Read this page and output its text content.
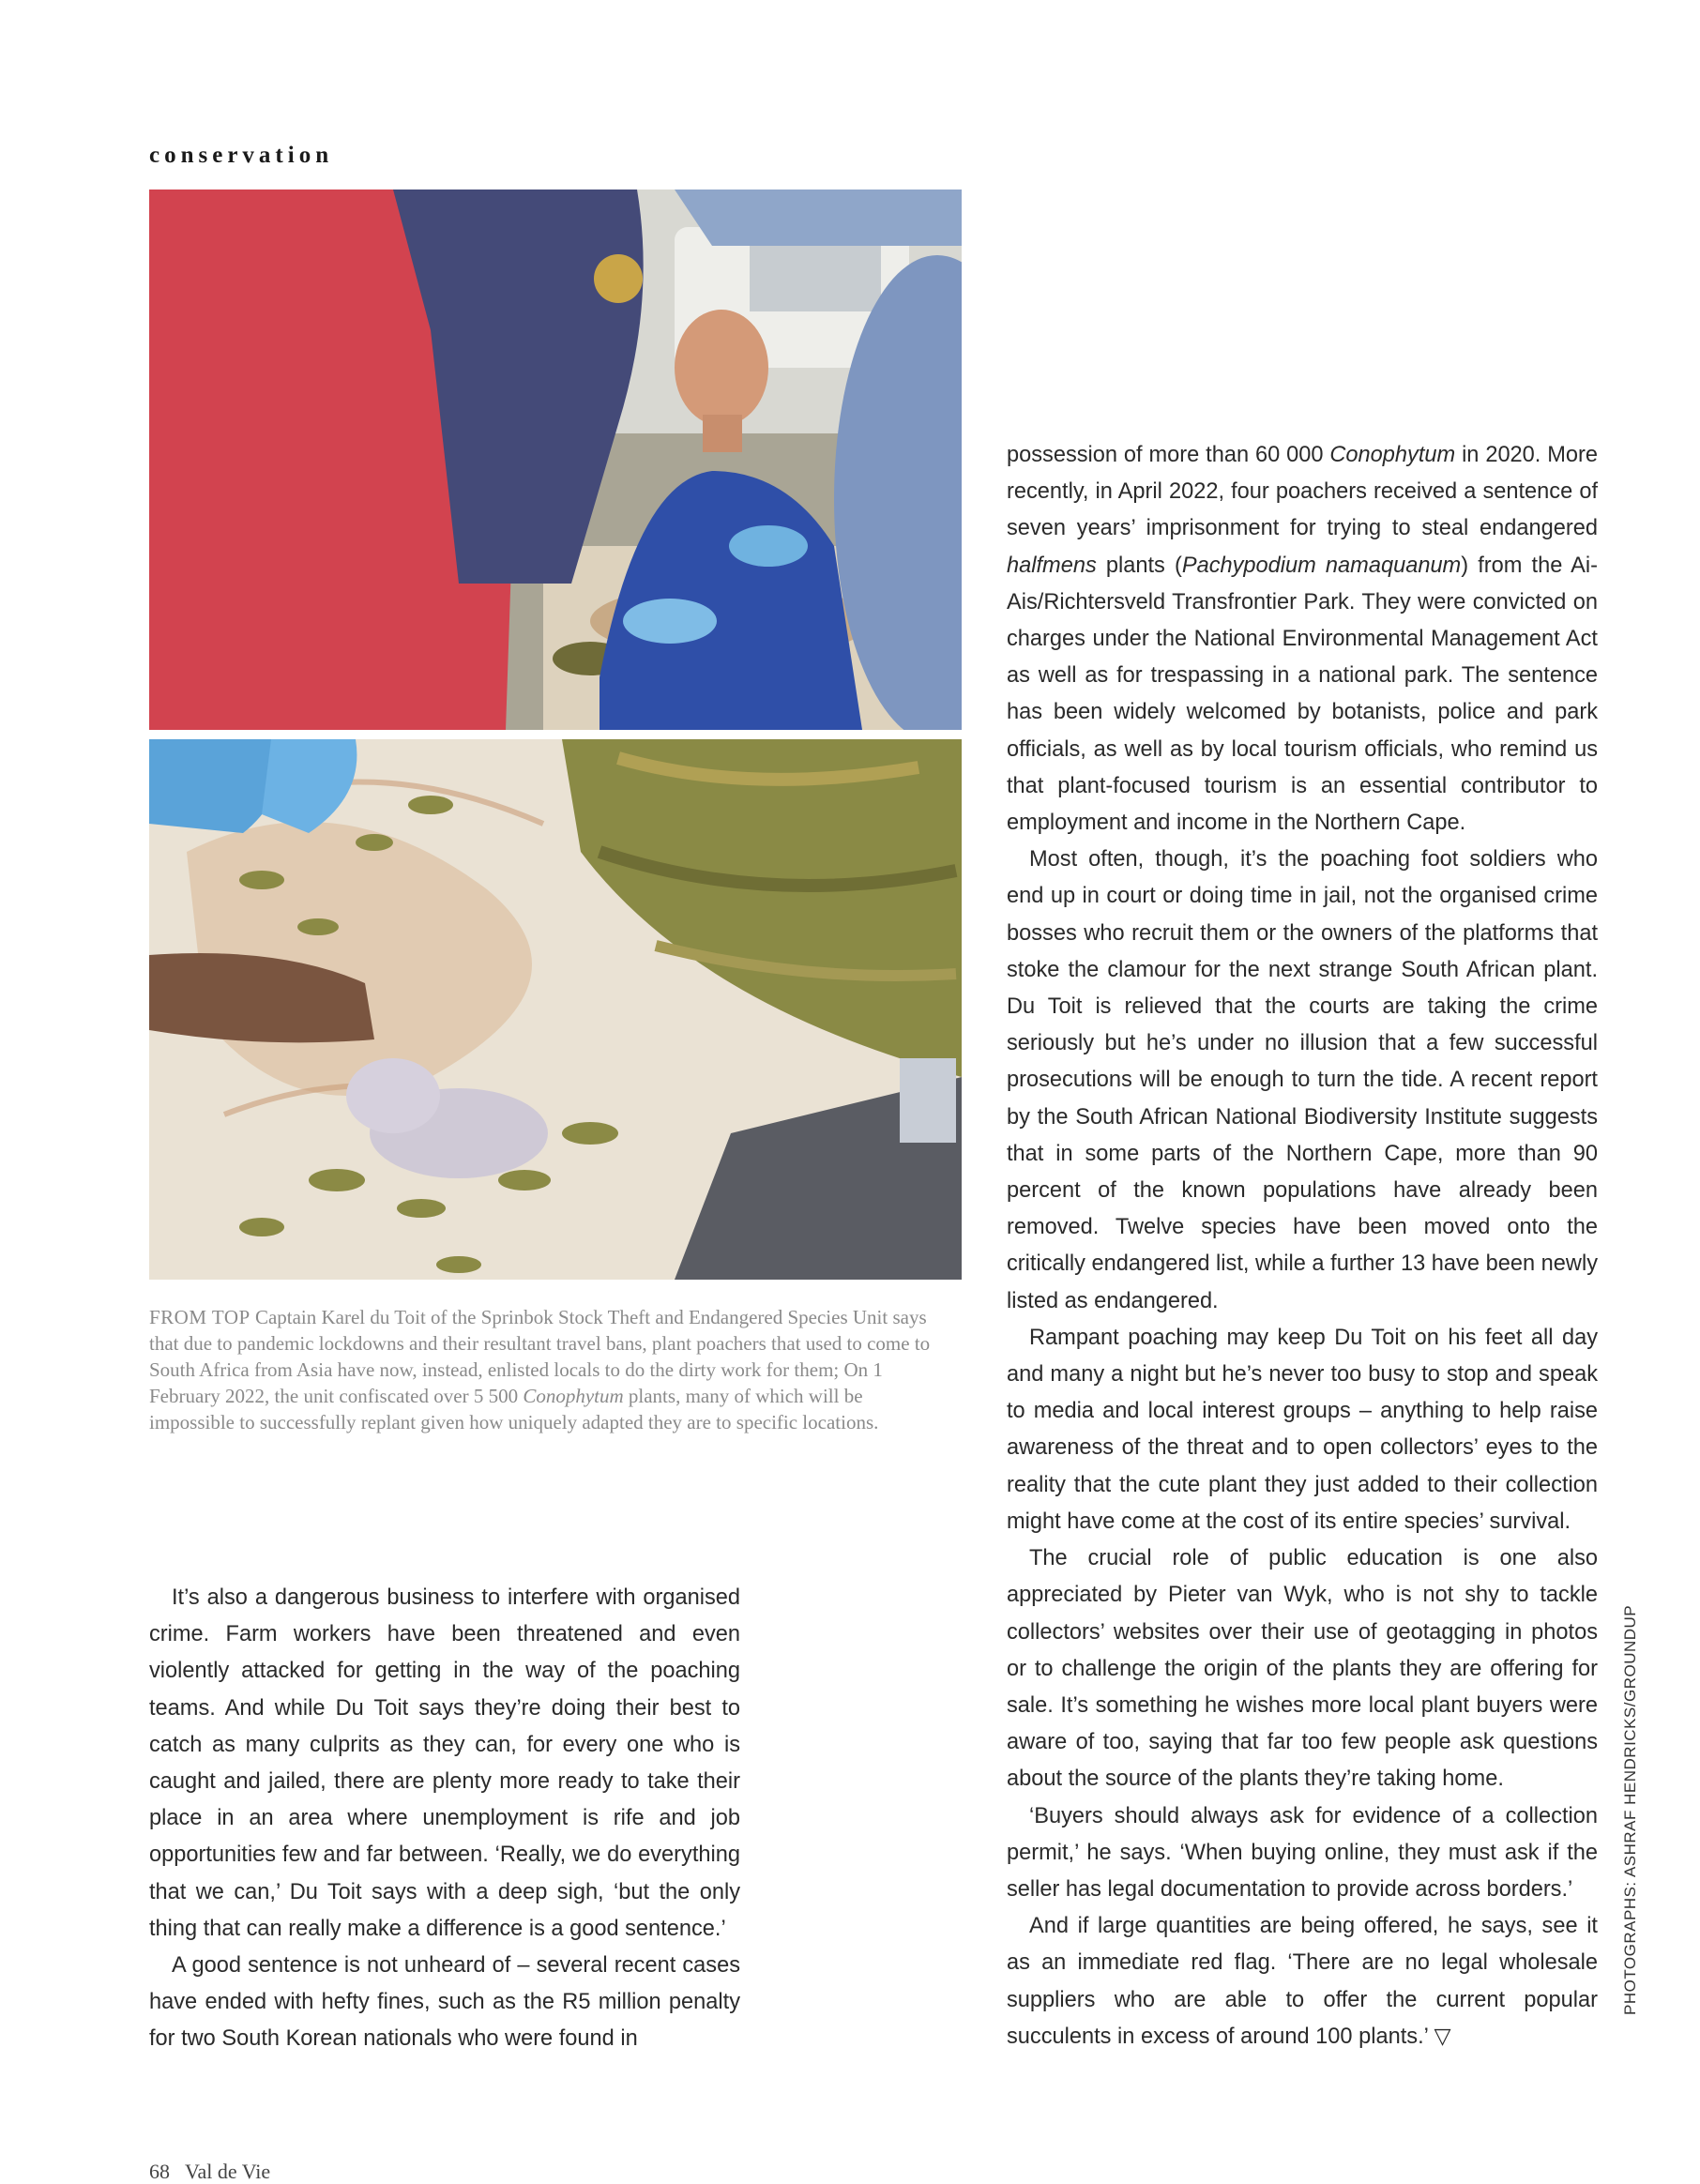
conservation
FROM TOP Captain Karel du Toit of the Sprinbok Stock Theft and Endangered Species Unit says that due to pandemic lockdowns and their resultant travel bans, plant poachers that used to come to South Africa from Asia have now, instead, enlisted locals to do the dirty work for them; On 1 February 2022, the unit confiscated over 5 500 Conophytum plants, many of which will be impossible to successfully replant given how uniquely adapted they are to specific locations.

It’s also a dangerous business to interfere with organised crime. Farm workers have been threatened and even violently attacked for getting in the way of the poaching teams. And while Du Toit says they’re doing their best to catch as many culprits as they can, for every one who is caught and jailed, there are plenty more ready to take their place in an area where unemployment is rife and job opportunities few and far between. ‘Really, we do everything that we can,’ Du Toit says with a deep sigh, ‘but the only thing that can really make a difference is a good sentence.’

A good sentence is not unheard of – several recent cases have ended with hefty fines, such as the R5 million penalty for two South Korean nationals who were found in

possession of more than 60 000 Conophytum in 2020. More recently, in April 2022, four poachers received a sentence of seven years’ imprisonment for trying to steal endangered halfmens plants (Pachypodium namaquanum) from the Ai-Ais/Richtersveld Transfrontier Park. They were convicted on charges under the National Environmental Management Act as well as for trespassing in a national park. The sentence has been widely welcomed by botanists, police and park officials, as well as by local tourism officials, who remind us that plant-focused tourism is an essential contributor to employment and income in the Northern Cape.

Most often, though, it’s the poaching foot soldiers who end up in court or doing time in jail, not the organised crime bosses who recruit them or the owners of the platforms that stoke the clamour for the next strange South African plant. Du Toit is relieved that the courts are taking the crime seriously but he’s under no illusion that a few successful prosecutions will be enough to turn the tide. A recent report by the South African National Biodiversity Institute suggests that in some parts of the Northern Cape, more than 90 percent of the known populations have already been removed. Twelve species have been moved onto the critically endangered list, while a further 13 have been newly listed as endangered.

Rampant poaching may keep Du Toit on his feet all day and many a night but he’s never too busy to stop and speak to media and local interest groups – anything to help raise awareness of the threat and to open collectors’ eyes to the reality that the cute plant they just added to their collection might have come at the cost of its entire species’ survival.

The crucial role of public education is one also appreciated by Pieter van Wyk, who is not shy to tackle collectors’ websites over their use of geotagging in photos or to challenge the origin of the plants they are offering for sale. It’s something he wishes more local plant buyers were aware of too, saying that far too few people ask questions about the source of the plants they’re taking home.

‘Buyers should always ask for evidence of a collection permit,’ he says. ‘When buying online, they must ask if the seller has legal documentation to provide across borders.’

And if large quantities are being offered, he says, see it as an immediate red flag. ‘There are no legal wholesale suppliers who are able to offer the current popular succulents in excess of around 100 plants.’ ▽

PHOTOGRAPHS: ASHRAF HENDRICKS/GROUNDUP
68 Val de Vie
